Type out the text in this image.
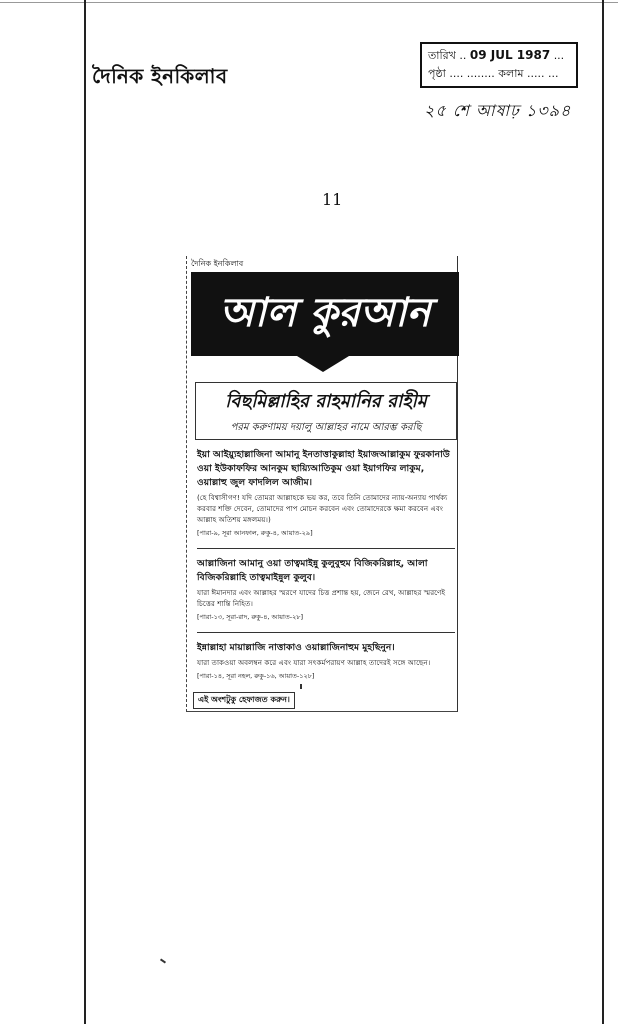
দৈনিক ইনকিলাব
তারিখ .. 09 JUL 1987 ...
পৃষ্ঠা .... ........ কলাম ..... ...
২৫ শে আষাঢ় ১৩৯৪
11
দৈনিক ইনকিলাব
আল কুরআন
বিছমিল্লাহির রাহমানির রাহীম
পরম করুণাময় দয়ালু আল্লাহর নামে আরম্ভ করছি
ইয়া আইয়্যুহাল্লাজিনা আমানু ইনতাত্তাকুল্লাহা ইয়াজআল্লাকুম ফুরকানাউ ওয়া ইউকাফফির আনকুম ছায়্যিআতিকুম ওয়া ইয়াগফির লাকুম, ওয়াল্লাহু জুল ফাদলিল আজীম।
(হে বিশ্বাসীগণ! যদি তোমরা আল্লাহকে ভয় কর, তবে তিনি তোমাদের ন্যায়-অন্যায় পার্থক্য করবার শক্তি দেবেন, তোমাদের পাপ মোচন করবেন এবং তোমাদেরকে ক্ষমা করবেন এবং আল্লাহ অতিশয় মঙ্গলময়।)
[পারা-৯, সূরা আনফাল, রুকু-৪, আয়াত-২৯]
আল্লাজিনা আমানু ওয়া তাত্বমাইন্নু কুলুবুহুম বিজিকরিল্লাহ, আলা বিজিকরিল্লাহি তাত্বমাইন্নুল কুলুব।
যারা ঈমানদার এবং আল্লাহর স্মরণে যাদের চিত্ত প্রশান্ত হয়, জেনে রেখ, আল্লাহর স্মরণেই চিত্তের শান্তি নিহিত।
[পারা-১৩, সূরা-রাদ, রুকু-৪, আয়াত-২৮]
ইন্নাল্লাহা মায়াল্লাজি নাত্তাকাও ওয়াল্লাজিনাহুম মুহছিনুন।
যারা তাকওয়া অবলম্বন করে এবং যারা সৎকর্মপরায়ণ আল্লাহ তাদেরই সঙ্গে আছেন।
[পারা-১৪, সূরা নহল, রুকু-১৬, আয়াত-১২৮]
এই অংশটুকু হেফাজত করুন।
